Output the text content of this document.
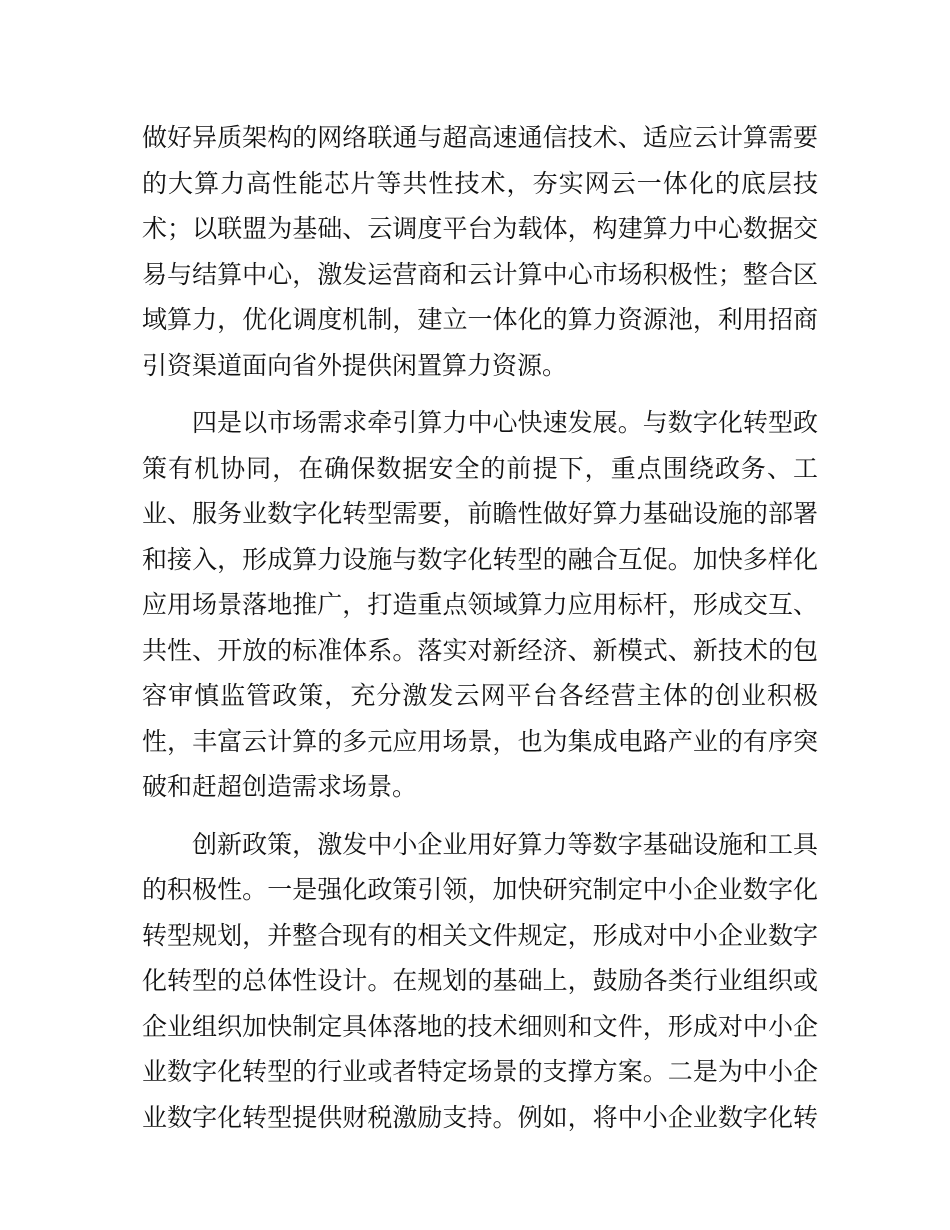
做好异质架构的网络联通与超高速通信技术、适应云计算需要
的大算力高性能芯片等共性技术，夯实网云一体化的底层技
术；以联盟为基础、云调度平台为载体，构建算力中心数据交
易与结算中心，激发运营商和云计算中心市场积极性；整合区
域算力，优化调度机制，建立一体化的算力资源池，利用招商
引资渠道面向省外提供闲置算力资源。
四是以市场需求牵引算力中心快速发展。与数字化转型政
策有机协同，在确保数据安全的前提下，重点围绕政务、工
业、服务业数字化转型需要，前瞻性做好算力基础设施的部署
和接入，形成算力设施与数字化转型的融合互促。加快多样化
应用场景落地推广，打造重点领域算力应用标杆，形成交互、
共性、开放的标准体系。落实对新经济、新模式、新技术的包
容审慎监管政策，充分激发云网平台各经营主体的创业积极
性，丰富云计算的多元应用场景，也为集成电路产业的有序突
破和赶超创造需求场景。
创新政策，激发中小企业用好算力等数字基础设施和工具
的积极性。一是强化政策引领，加快研究制定中小企业数字化
转型规划，并整合现有的相关文件规定，形成对中小企业数字
化转型的总体性设计。在规划的基础上，鼓励各类行业组织或
企业组织加快制定具体落地的技术细则和文件，形成对中小企
业数字化转型的行业或者特定场景的支撑方案。二是为中小企
业数字化转型提供财税激励支持。例如，将中小企业数字化转
